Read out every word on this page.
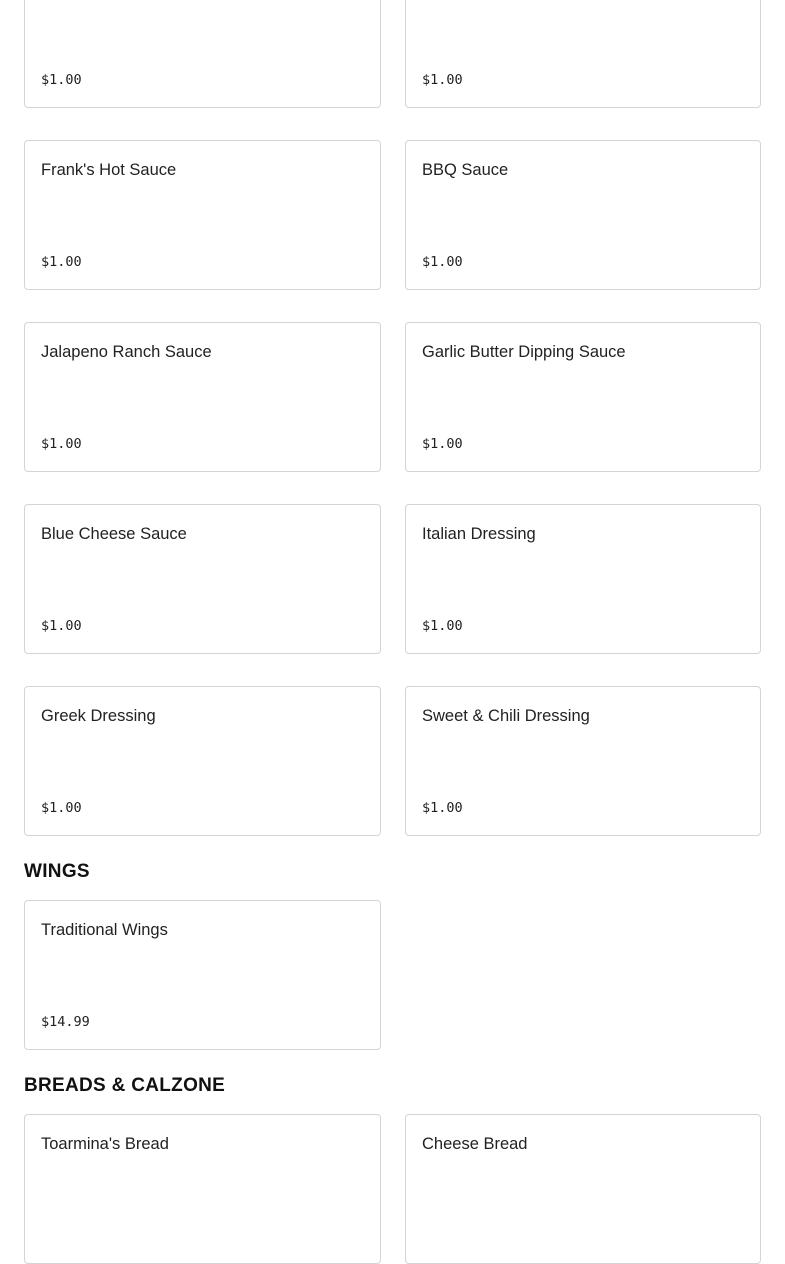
$1.00	$1.00
Frank's Hot Sauce
$1.00
BBQ Sauce
$1.00
Jalapeno Ranch Sauce
$1.00
Garlic Butter Dipping Sauce
$1.00
Blue Cheese Sauce
$1.00
Italian Dressing
$1.00
Greek Dressing
$1.00
Sweet & Chili Dressing
$1.00
WINGS
Traditional Wings
$14.99
BREADS & CALZONE
Toarmina's Bread	Cheese Bread
